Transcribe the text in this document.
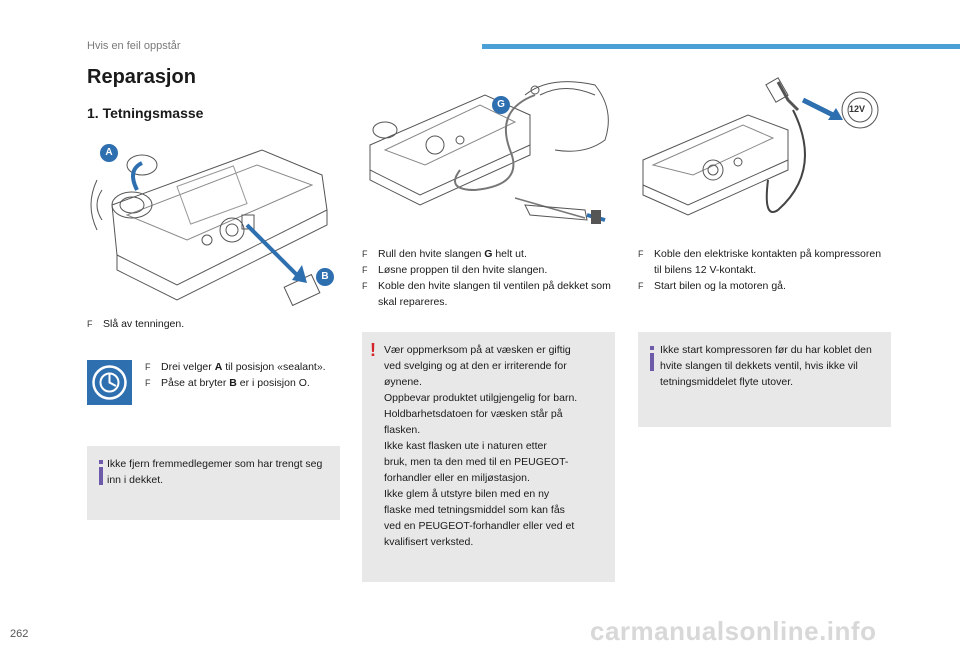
Hvis en feil oppstår
Reparasjon
1. Tetningsmasse
A
B
F Slå av tenningen.
F Drei velger A til posisjon «sealant».
F Påse at bryter B er i posisjon O.
Ikke fjern fremmedlegemer som har trengt seg inn i dekket.
G
F Rull den hvite slangen G helt ut.
F Løsne proppen til den hvite slangen.
F Koble den hvite slangen til ventilen på dekket som skal repareres.
! Vær oppmerksom på at væsken er giftig
ved svelging og at den er irriterende for
øynene.
Oppbevar produktet utilgjengelig for barn.
Holdbarhetsdatoen for væsken står på
flasken.
Ikke kast flasken ute i naturen etter
bruk, men ta den med til en PEUGEOT-
forhandler eller en miljøstasjon.
Ikke glem å utstyre bilen med en ny
flaske med tetningsmiddel som kan fås
ved en PEUGEOT-forhandler eller ved et
kvalifisert verksted.
12V
F Koble den elektriske kontakten på kompressoren til bilens 12 V-kontakt.
F Start bilen og la motoren gå.
Ikke start kompressoren før du har koblet den hvite slangen til dekkets ventil, hvis ikke vil tetningsmiddelet flyte utover.
262	carmanualsonline.info
